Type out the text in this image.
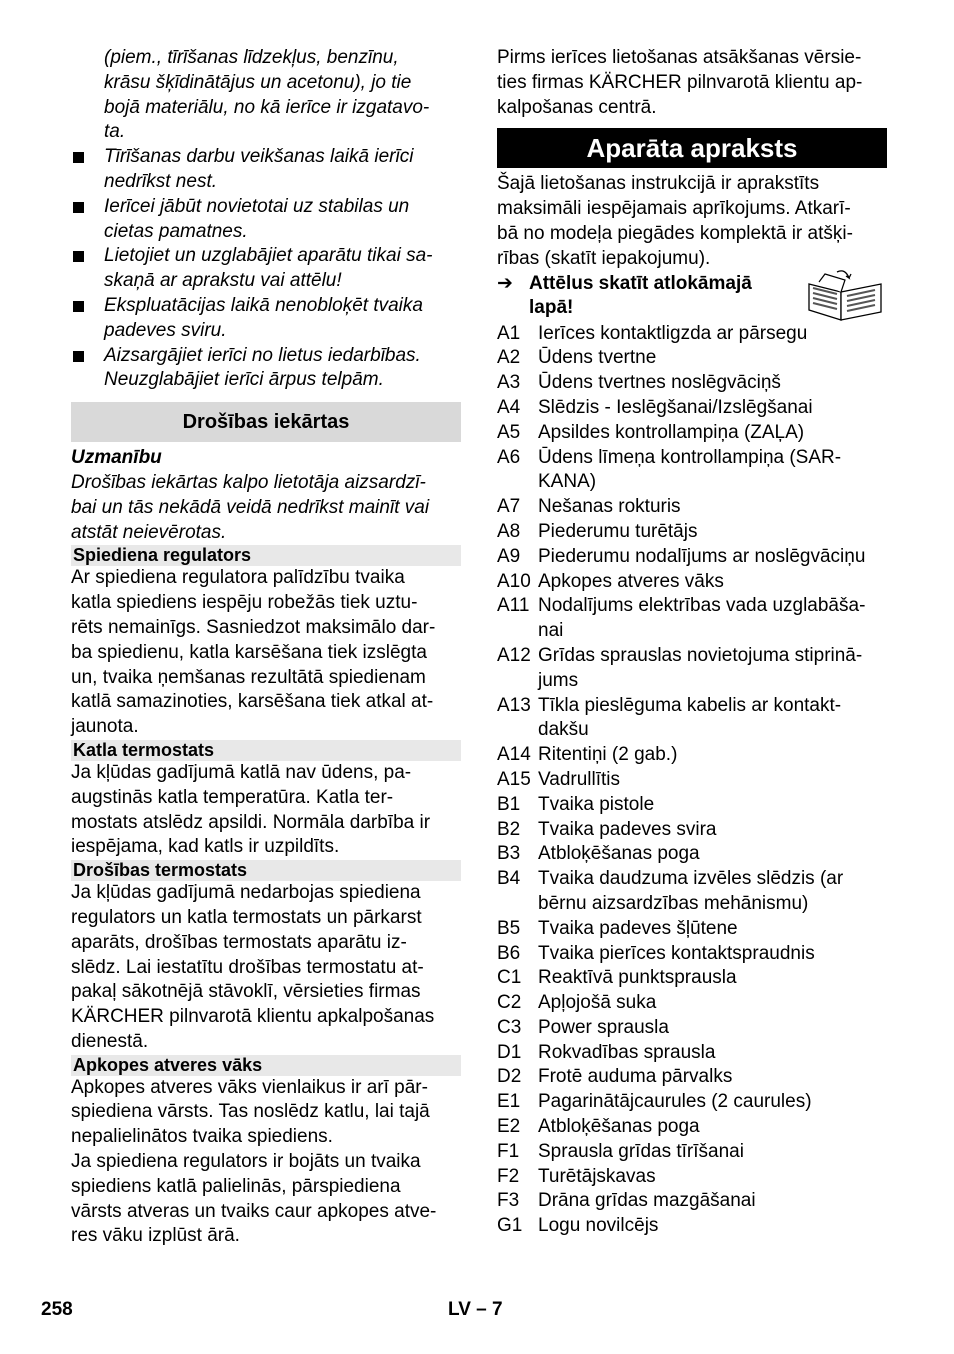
(piem., tīrīšanas līdzekļus, benzīnu,
krāsu šķīdinātājus un acetonu), jo tie
bojā materiālu, no kā ierīce ir izgatavo-
ta.
Tīrīšanas darbu veikšanas laikā ierīci
nedrīkst nest.
Ierīcei jābūt novietotai uz stabilas un
cietas pamatnes.
Lietojiet un uzglabājiet aparātu tikai sa-
skaņā ar aprakstu vai attēlu!
Ekspluatācijas laikā nenobloķēt tvaika
padeves sviru.
Aizsargājiet ierīci no lietus iedarbības.
Neuzglabājiet ierīci ārpus telpām.
Drošības iekārtas
Uzmanību
Drošības iekārtas kalpo lietotāja aizsardzī-
bai un tās nekādā veidā nedrīkst mainīt vai
atstāt neievērotas.
Spiediena regulators
Ar spiediena regulatora palīdzību tvaika
katla spiediens iespēju robežās tiek uztu-
rēts nemainīgs. Sasniedzot maksimālo dar-
ba spiedienu, katla karsēšana tiek izslēgta
un, tvaika ņemšanas rezultātā spiedienam
katlā samazinoties, karsēšana tiek atkal at-
jaunota.
Katla termostats
Ja kļūdas gadījumā katlā nav ūdens, pa-
augstinās katla temperatūra. Katla ter-
mostats atslēdz apsildi. Normāla darbība ir
iespējama, kad katls ir uzpildīts.
Drošības termostats
Ja kļūdas gadījumā nedarbojas spiediena
regulators un katla termostats un pārkarst
aparāts, drošības termostats aparātu iz-
slēdz. Lai iestatītu drošības termostatu at-
pakaļ sākotnējā stāvoklī, vērsieties firmas
KÄRCHER pilnvarotā klientu apkalpošanas
dienestā.
Apkopes atveres vāks
Apkopes atveres vāks vienlaikus ir arī pār-
spiediena vārsts. Tas noslēdz katlu, lai tajā
nepalielinātos tvaika spiediens.
Ja spiediena regulators ir bojāts un tvaika
spiediens katlā palielinās, pārspiediena
vārsts atveras un tvaiks caur apkopes atve-
res vāku izplūst ārā.
Pirms ierīces lietošanas atsākšanas vērsie-
ties firmas KÄRCHER pilnvarotā klientu ap-
kalpošanas centrā.
Aparāta apraksts
Šajā lietošanas instrukcijā ir aprakstīts
maksimāli iespējamais aprīkojums. Atkarī-
bā no modeļa piegādes komplektā ir atšķi-
rības (skatīt iepakojumu).
➔ Attēlus skatīt atlokāmajā
lapā!
A1 Ierīces kontaktligzda ar pārsegu
A2 Ūdens tvertne
A3 Ūdens tvertnes noslēgvāciņš
A4 Slēdzis - Ieslēgšanai/Izslēgšanai
A5 Apsildes kontrollampiņa (ZAĻA)
A6 Ūdens līmeņa kontrollampiņa (SAR-
KANA)
A7 Nešanas rokturis
A8 Piederumu turētājs
A9 Piederumu nodalījums ar noslēgvāciņu
A10 Apkopes atveres vāks
A11 Nodalījums elektrības vada uzglabāša-
nai
A12 Grīdas sprauslas novietojuma stiprinā-
jums
A13 Tīkla pieslēguma kabelis ar kontakt-
dakšu
A14 Ritentiņi (2 gab.)
A15 Vadrullītis
B1 Tvaika pistole
B2 Tvaika padeves svira
B3 Atbloķēšanas poga
B4 Tvaika daudzuma izvēles slēdzis (ar
bērnu aizsardzības mehānismu)
B5 Tvaika padeves šļūtene
B6 Tvaika pierīces kontaktspraudnis
C1 Reaktīvā punktsprausla
C2 Apļojošā suka
C3 Power sprausla
D1 Rokvadības sprausla
D2 Frotē auduma pārvalks
E1 Pagarinātājcaurules (2 caurules)
E2 Atbloķēšanas poga
F1 Sprausla grīdas tīrīšanai
F2 Turētājskavas
F3 Drāna grīdas mazgāšanai
G1 Logu novilcējs
258	LV – 7
